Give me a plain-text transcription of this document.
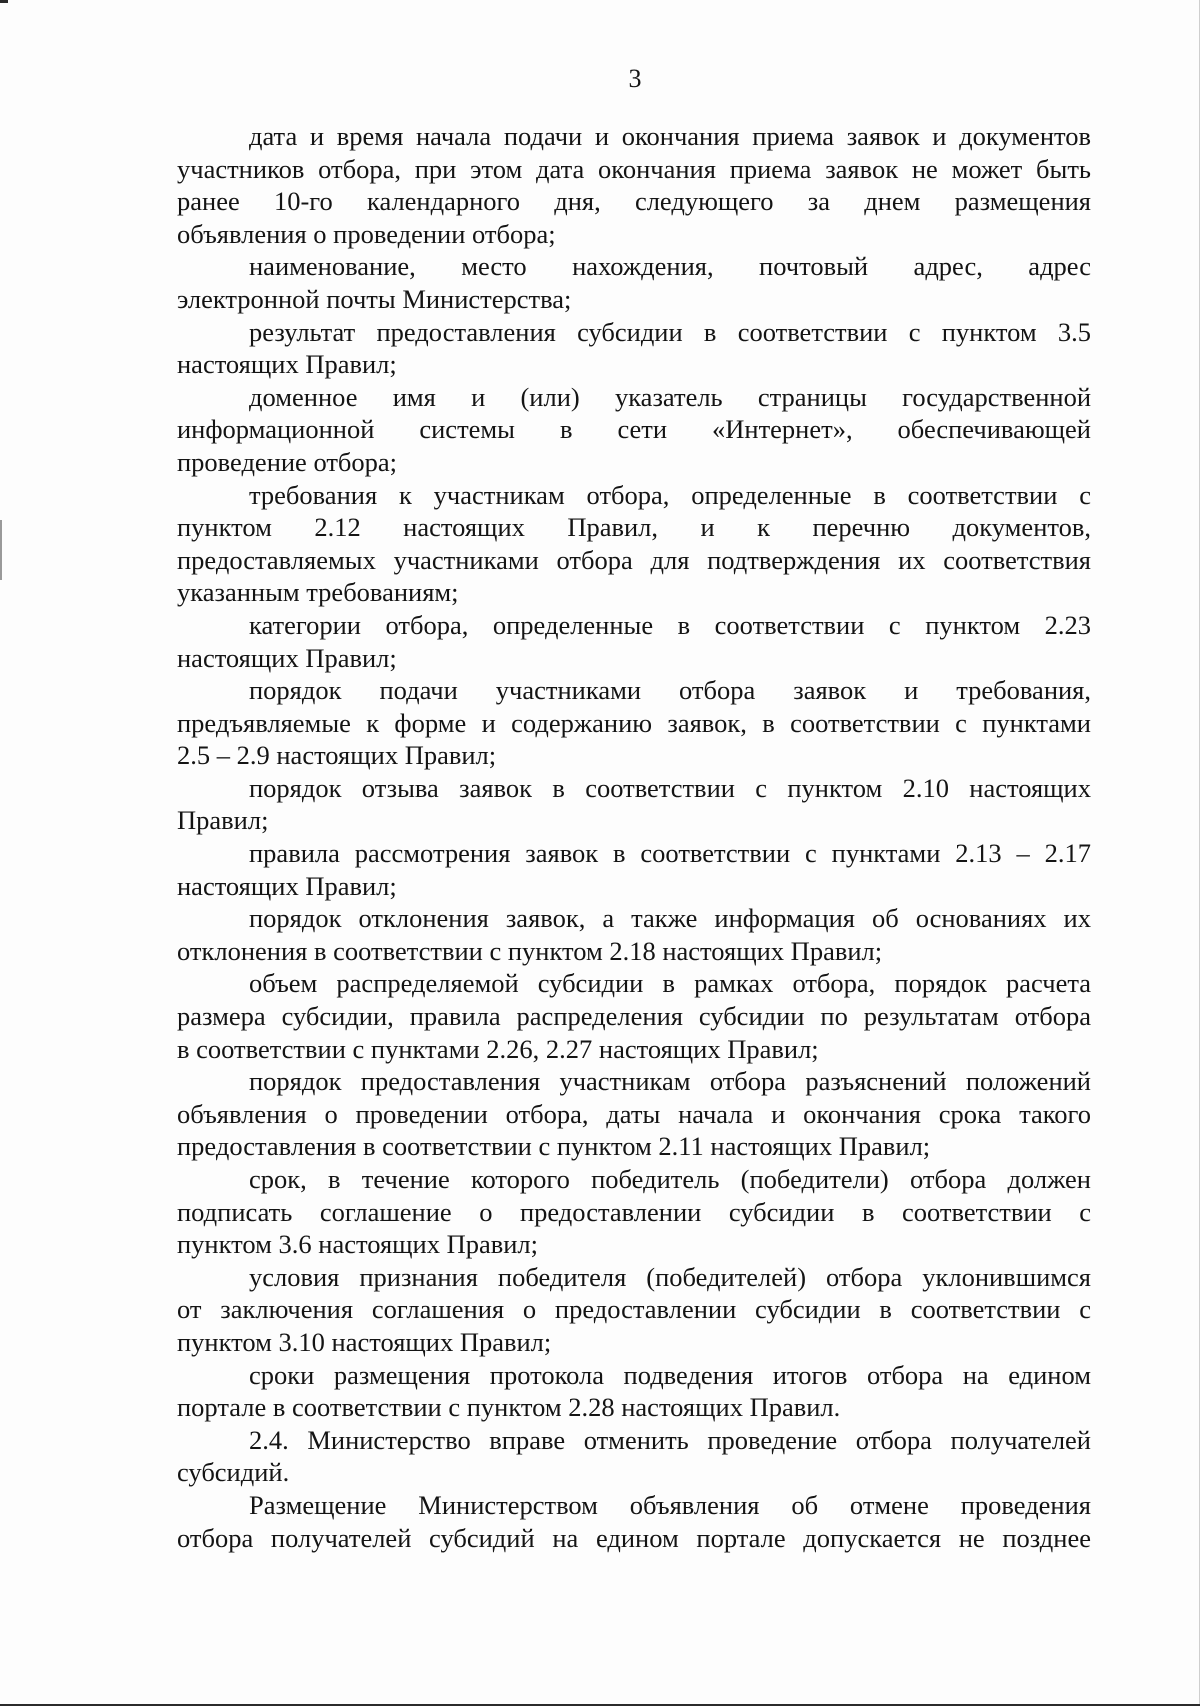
3

дата и время начала подачи и окончания приема заявок и документов
участников отбора, при этом дата окончания приема заявок не может быть
ранее 10-го календарного дня, следующего за днем размещения
объявления о проведении отбора;

наименование, место нахождения, почтовый адрес, адрес
электронной почты Министерства;

результат предоставления субсидии в соответствии с пунктом 3.5
настоящих Правил;

доменное имя и (или) указатель страницы государственной
информационной системы в сети «Интернет», обеспечивающей
проведение отбора;

требования к участникам отбора, определенные в соответствии с
пунктом 2.12 настоящих Правил, и к перечню документов,
предоставляемых участниками отбора для подтверждения их соответствия
указанным требованиям;

категории отбора, определенные в соответствии с пунктом 2.23
настоящих Правил;

порядок подачи участниками отбора заявок и требования,
предъявляемые к форме и содержанию заявок, в соответствии с пунктами
2.5 – 2.9 настоящих Правил;

порядок отзыва заявок в соответствии с пунктом 2.10 настоящих
Правил;

правила рассмотрения заявок в соответствии с пунктами 2.13 – 2.17
настоящих Правил;

порядок отклонения заявок, а также информация об основаниях их
отклонения в соответствии с пунктом 2.18 настоящих Правил;

объем распределяемой субсидии в рамках отбора, порядок расчета
размера субсидии, правила распределения субсидии по результатам отбора
в соответствии с пунктами 2.26, 2.27 настоящих Правил;

порядок предоставления участникам отбора разъяснений положений
объявления о проведении отбора, даты начала и окончания срока такого
предоставления в соответствии с пунктом 2.11 настоящих Правил;

срок, в течение которого победитель (победители) отбора должен
подписать соглашение о предоставлении субсидии в соответствии с
пунктом 3.6 настоящих Правил;

условия признания победителя (победителей) отбора уклонившимся
от заключения соглашения о предоставлении субсидии в соответствии с
пунктом 3.10 настоящих Правил;

сроки размещения протокола подведения итогов отбора на едином
портале в соответствии с пунктом 2.28 настоящих Правил.

2.4. Министерство вправе отменить проведение отбора получателей
субсидий.

Размещение Министерством объявления об отмене проведения
отбора получателей субсидий на едином портале допускается не позднее
